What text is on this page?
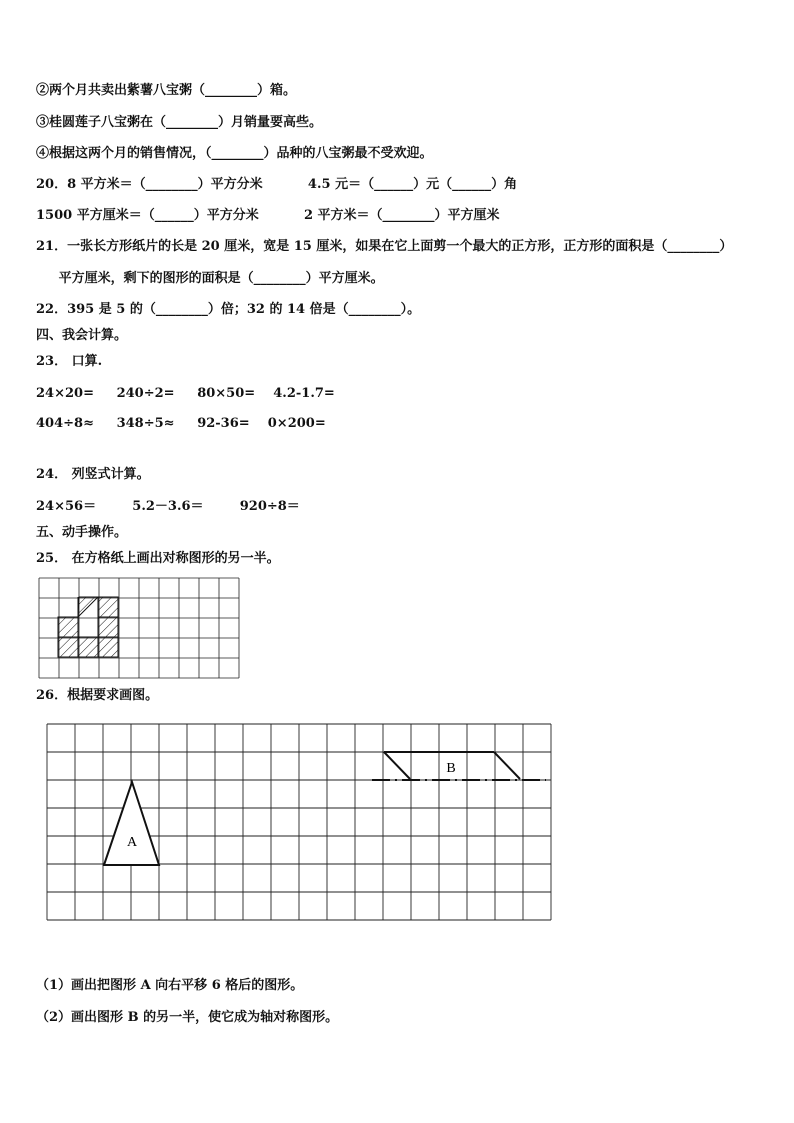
②两个月共卖出紫薯八宝粥（________）箱。
③桂圆莲子八宝粥在（________）月销量要高些。
④根据这两个月的销售情况，（________）品种的八宝粥最不受欢迎。
20．8 平方米＝（________）平方分米          4.5 元＝（______）元（______）角
1500 平方厘米＝（______）平方分米          2 平方米＝（________）平方厘米
21．一张长方形纸片的长是 20 厘米，宽是 15 厘米，如果在它上面剪一个最大的正方形，正方形的面积是（________）
平方厘米，剩下的图形的面积是（________）平方厘米。
22．395 是 5 的（________）倍；32 的 14 倍是（________）。
四、我会计算。
23． 口算.
24×20=     240÷2=     80×50=    4.2-1.7=
404÷8≈     348÷5≈     92-36=    0×200=
24． 列竖式计算。
24×56＝        5.2－3.6＝        920÷8＝
五、动手操作。
25． 在方格纸上画出对称图形的另一半。
26．根据要求画图。
A
B
（1）画出把图形 A 向右平移 6 格后的图形。
（2）画出图形 B 的另一半，使它成为轴对称图形。
